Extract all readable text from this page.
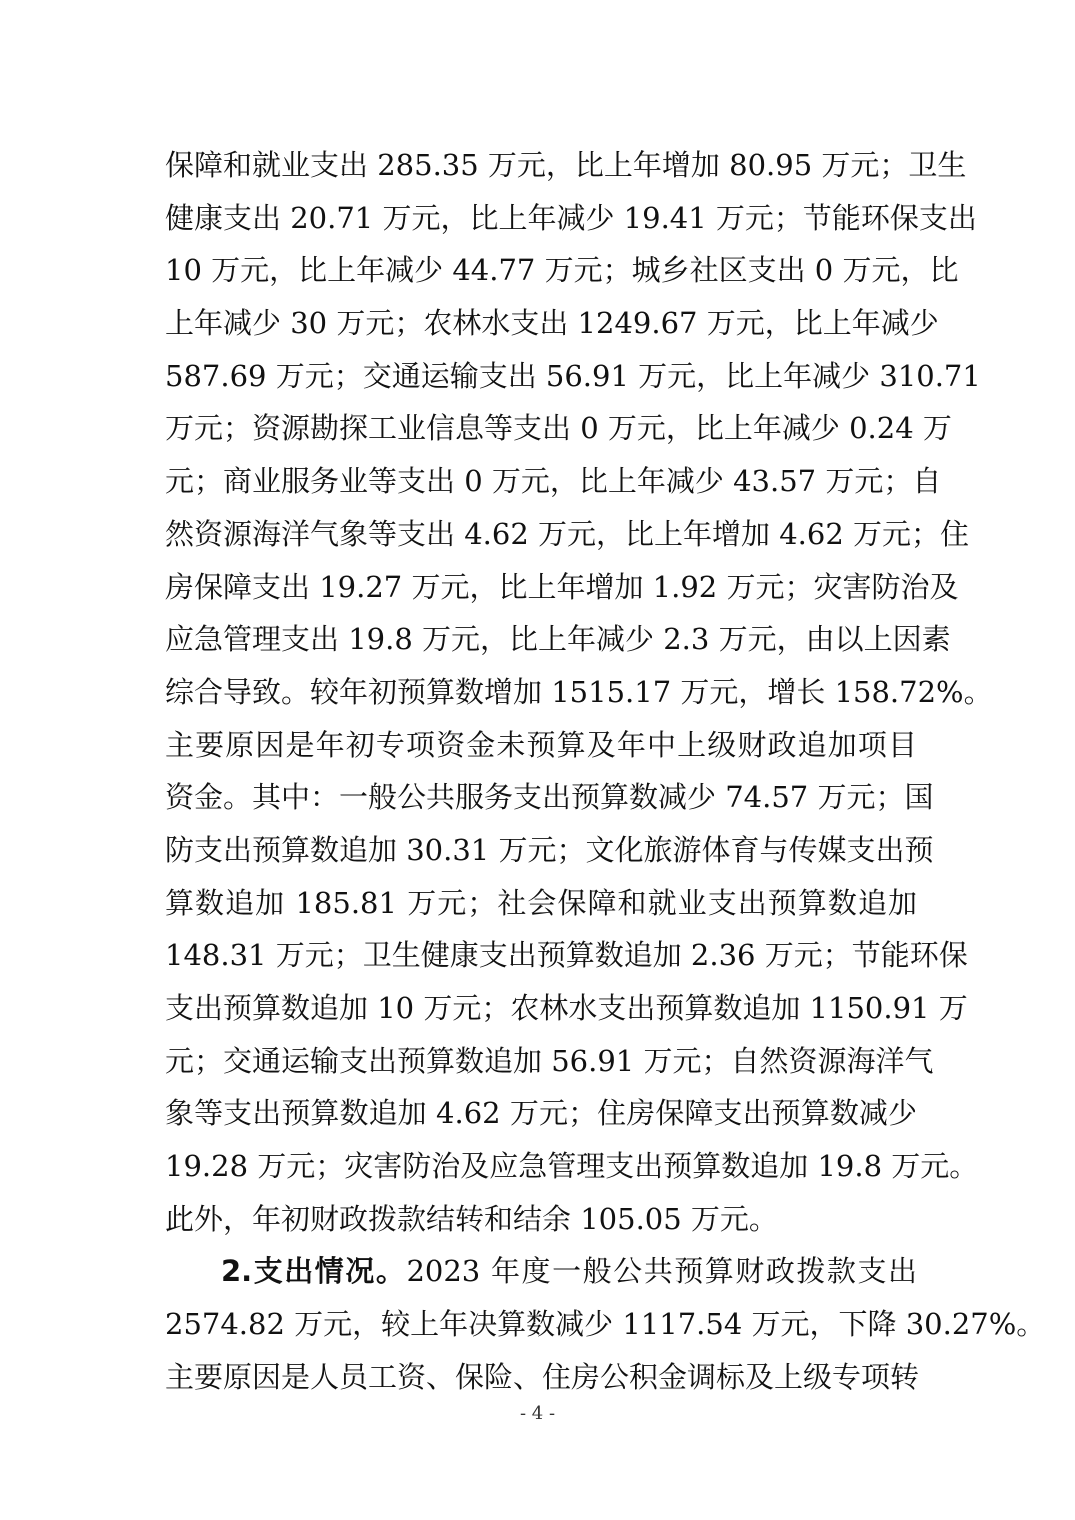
保障和就业支出 285.35 万元，比上年增加 80.95 万元；卫生
健康支出 20.71 万元，比上年减少 19.41 万元；节能环保支出
10 万元，比上年减少 44.77 万元；城乡社区支出 0 万元，比
上年减少 30 万元；农林水支出 1249.67 万元，比上年减少
587.69 万元；交通运输支出 56.91 万元，比上年减少 310.71
万元；资源勘探工业信息等支出 0 万元，比上年减少 0.24 万
元；商业服务业等支出 0 万元，比上年减少 43.57 万元；自
然资源海洋气象等支出 4.62 万元，比上年增加 4.62 万元；住
房保障支出 19.27 万元，比上年增加 1.92 万元；灾害防治及
应急管理支出 19.8 万元，比上年减少 2.3 万元，由以上因素
综合导致。较年初预算数增加 1515.17 万元，增长 158.72%。
主要原因是年初专项资金未预算及年中上级财政追加项目
资金。其中：一般公共服务支出预算数减少 74.57 万元；国
防支出预算数追加 30.31 万元；文化旅游体育与传媒支出预
算数追加 185.81 万元；社会保障和就业支出预算数追加
148.31 万元；卫生健康支出预算数追加 2.36 万元；节能环保
支出预算数追加 10 万元；农林水支出预算数追加 1150.91 万
元；交通运输支出预算数追加 56.91 万元；自然资源海洋气
象等支出预算数追加 4.62 万元；住房保障支出预算数减少
19.28 万元；灾害防治及应急管理支出预算数追加 19.8 万元。
此外，年初财政拨款结转和结余 105.05 万元。
2.支出情况。2023 年度一般公共预算财政拨款支出
2574.82 万元，较上年决算数减少 1117.54 万元，下降 30.27%。
主要原因是人员工资、保险、住房公积金调标及上级专项转
- 4 -
